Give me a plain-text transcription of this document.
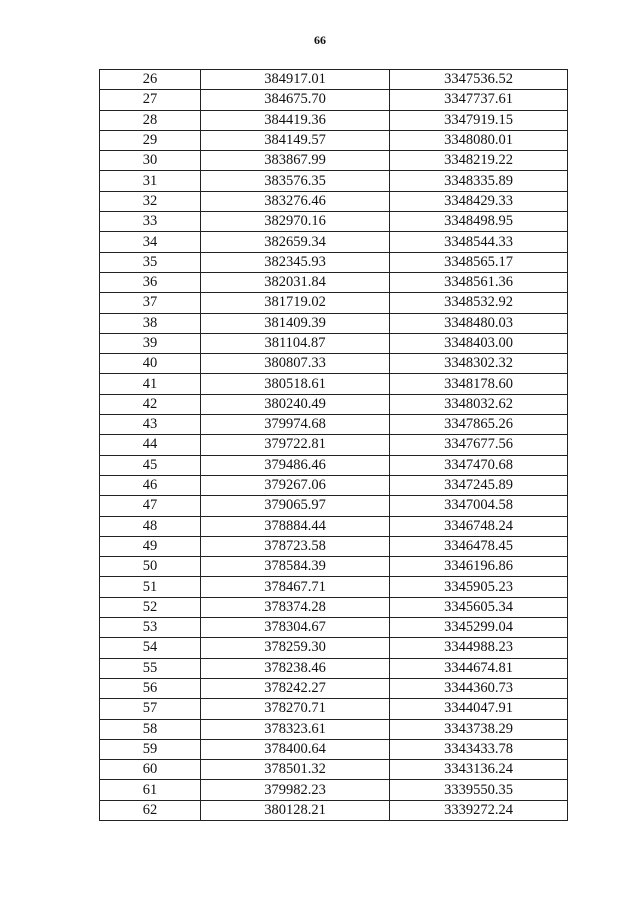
66
26	384917.01	3347536.52
27	384675.70	3347737.61
28	384419.36	3347919.15
29	384149.57	3348080.01
30	383867.99	3348219.22
31	383576.35	3348335.89
32	383276.46	3348429.33
33	382970.16	3348498.95
34	382659.34	3348544.33
35	382345.93	3348565.17
36	382031.84	3348561.36
37	381719.02	3348532.92
38	381409.39	3348480.03
39	381104.87	3348403.00
40	380807.33	3348302.32
41	380518.61	3348178.60
42	380240.49	3348032.62
43	379974.68	3347865.26
44	379722.81	3347677.56
45	379486.46	3347470.68
46	379267.06	3347245.89
47	379065.97	3347004.58
48	378884.44	3346748.24
49	378723.58	3346478.45
50	378584.39	3346196.86
51	378467.71	3345905.23
52	378374.28	3345605.34
53	378304.67	3345299.04
54	378259.30	3344988.23
55	378238.46	3344674.81
56	378242.27	3344360.73
57	378270.71	3344047.91
58	378323.61	3343738.29
59	378400.64	3343433.78
60	378501.32	3343136.24
61	379982.23	3339550.35
62	380128.21	3339272.24
